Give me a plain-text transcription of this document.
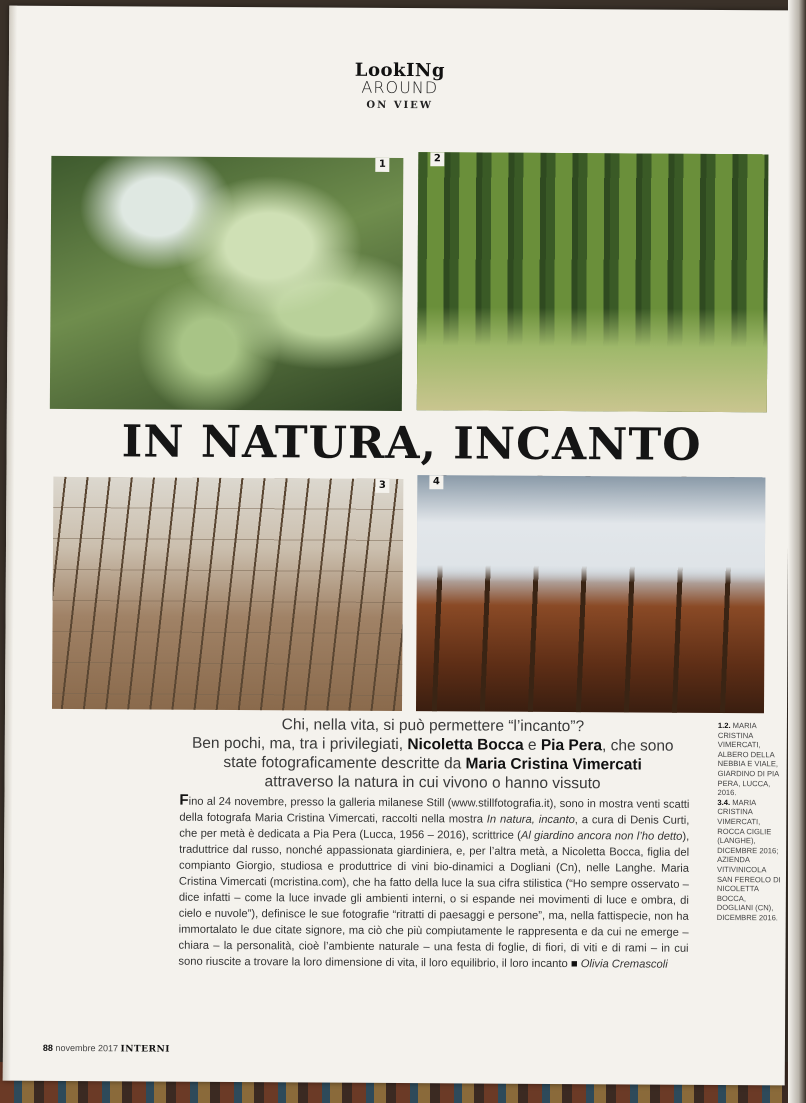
LookINg
AROUND
ON VIEW
1
2
IN NATURA, INCANTO
3	4
Chi, nella vita, si può permettere “l’incanto”?
Ben pochi, ma, tra i privilegiati, Nicoletta Bocca e Pia Pera, che sono
state fotograficamente descritte da Maria Cristina Vimercati
attraverso la natura in cui vivono o hanno vissuto
1.2. MARIA CRISTINA VIMERCATI, ALBERO DELLA NEBBIA E VIALE, GIARDINO DI PIA PERA, LUCCA, 2016.
3.4. MARIA CRISTINA VIMERCATI, ROCCA CIGLIE (LANGHE), DICEMBRE 2016; AZIENDA VITIVINICOLA SAN FEREOLO DI NICOLETTA BOCCA, DOGLIANI (CN), DICEMBRE 2016.
Fino al 24 novembre, presso la galleria milanese Still (www.stillfotografia.it), sono in mostra venti scatti della fotografa Maria Cristina Vimercati, raccolti nella mostra In natura, incanto, a cura di Denis Curti, che per metà è dedicata a Pia Pera (Lucca, 1956 – 2016), scrittrice (Al giardino ancora non l’ho detto), traduttrice dal russo, nonché appassionata giardiniera, e, per l’altra metà, a Nicoletta Bocca, figlia del compianto Giorgio, studiosa e produttrice di vini bio-dinamici a Dogliani (Cn), nelle Langhe. Maria Cristina Vimercati (mcristina.com), che ha fatto della luce la sua cifra stilistica (“Ho sempre osservato – dice infatti – come la luce invade gli ambienti interni, o si espande nei movimenti di luce e ombra, di cielo e nuvole”), definisce le sue fotografie “ritratti di paesaggi e persone”, ma, nella fattispecie, non ha immortalato le due citate signore, ma ciò che più compiutamente le rappresenta e da cui ne emerge – chiara – la personalità, cioè l’ambiente naturale – una festa di foglie, di fiori, di viti e di rami – in cui sono riuscite a trovare la loro dimensione di vita, il loro equilibrio, il loro incanto ■ Olivia Cremascoli
88 novembre 2017 INTERNI
